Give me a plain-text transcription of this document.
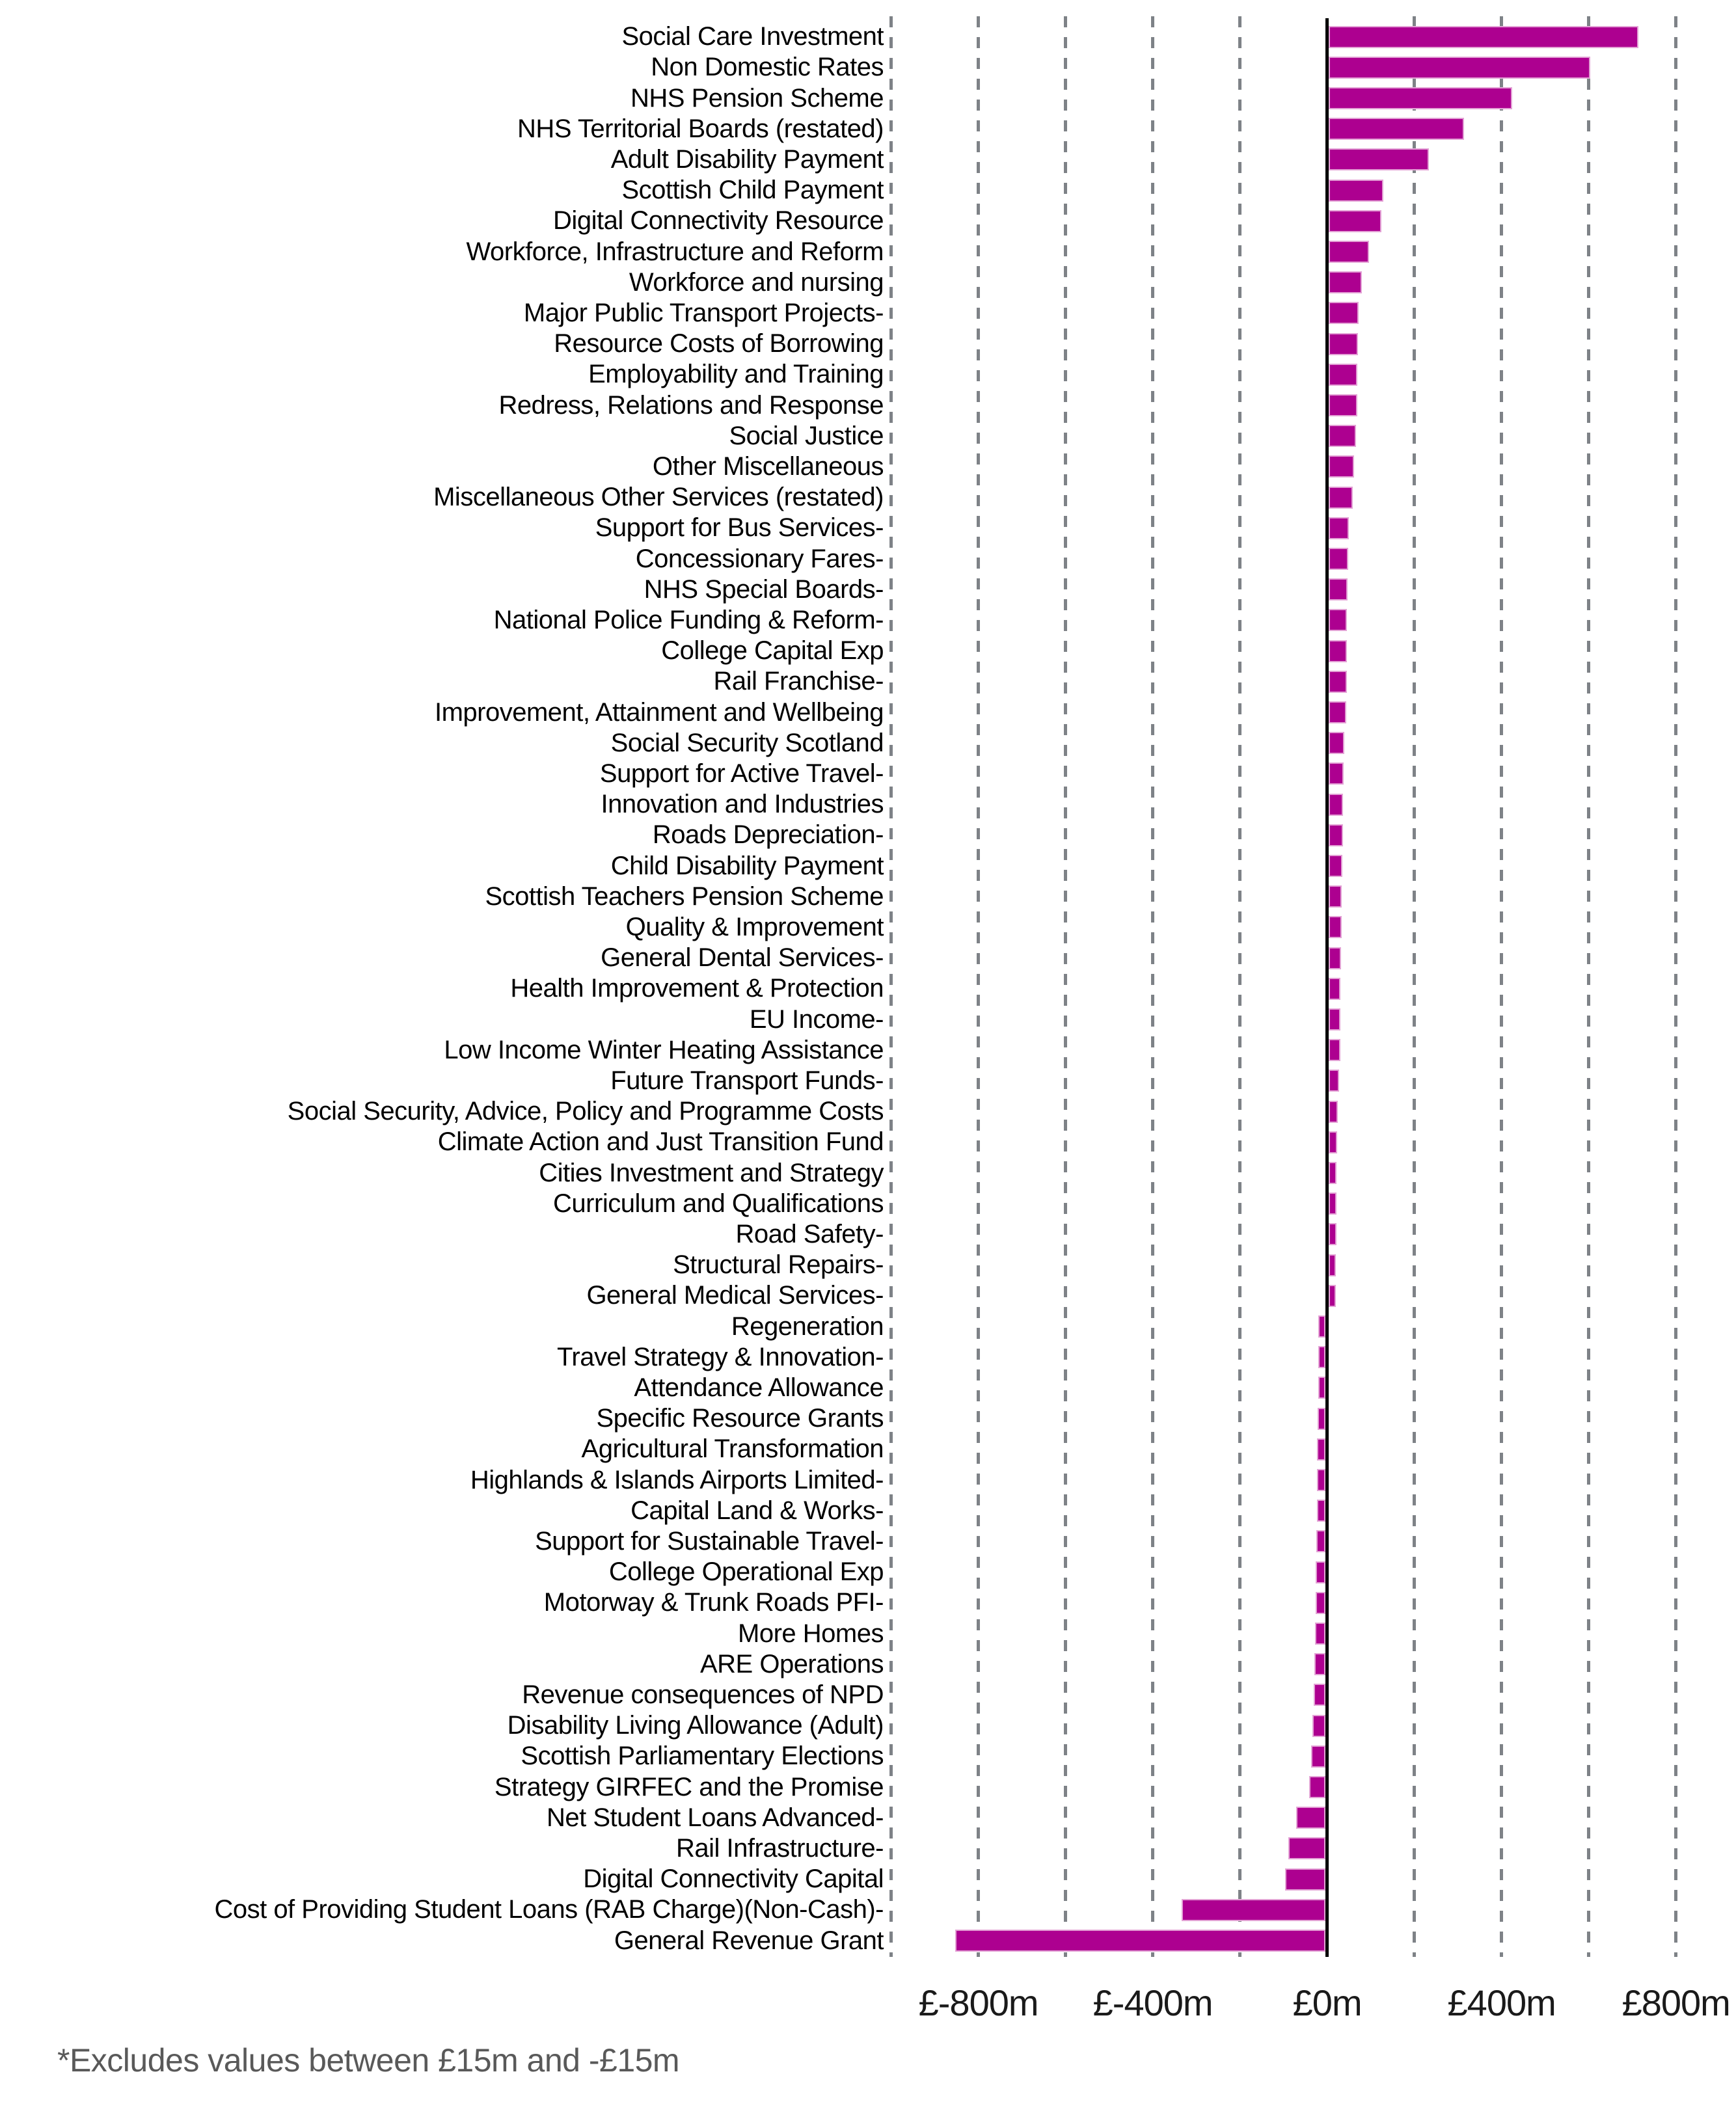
Social Care Investment
Non Domestic Rates
NHS Pension Scheme
NHS Territorial Boards (restated)
Adult Disability Payment
Scottish Child Payment
Digital Connectivity Resource
Workforce, Infrastructure and Reform
Workforce and nursing
Major Public Transport Projects-
Resource Costs of Borrowing
Employability and Training
Redress, Relations and Response
Social Justice
Other Miscellaneous
Miscellaneous Other Services (restated)
Support for Bus Services-
Concessionary Fares-
NHS Special Boards-
National Police Funding & Reform-
College Capital Exp
Rail Franchise-
Improvement, Attainment and Wellbeing
Social Security Scotland
Support for Active Travel-
Innovation and Industries
Roads Depreciation-
Child Disability Payment
Scottish Teachers Pension Scheme
Quality & Improvement
General Dental Services-
Health Improvement & Protection
EU Income-
Low Income Winter Heating Assistance
Future Transport Funds-
Social Security, Advice, Policy and Programme Costs
Climate Action and Just Transition Fund
Cities Investment and Strategy
Curriculum and Qualifications
Road Safety-
Structural Repairs-
General Medical Services-
Regeneration
Travel Strategy & Innovation-
Attendance Allowance
Specific Resource Grants
Agricultural Transformation
Highlands & Islands Airports Limited-
Capital Land & Works-
Support for Sustainable Travel-
College Operational Exp
Motorway & Trunk Roads PFI-
More Homes
ARE Operations
Revenue consequences of NPD
Disability Living Allowance (Adult)
Scottish Parliamentary Elections
Strategy GIRFEC and the Promise
Net Student Loans Advanced-
Rail Infrastructure-
Digital Connectivity Capital
Cost of Providing Student Loans (RAB Charge)(Non-Cash)-
General Revenue Grant
£-800m	£-400m	£0m	£400m	£800m
*Excludes values between £15m and -£15m
